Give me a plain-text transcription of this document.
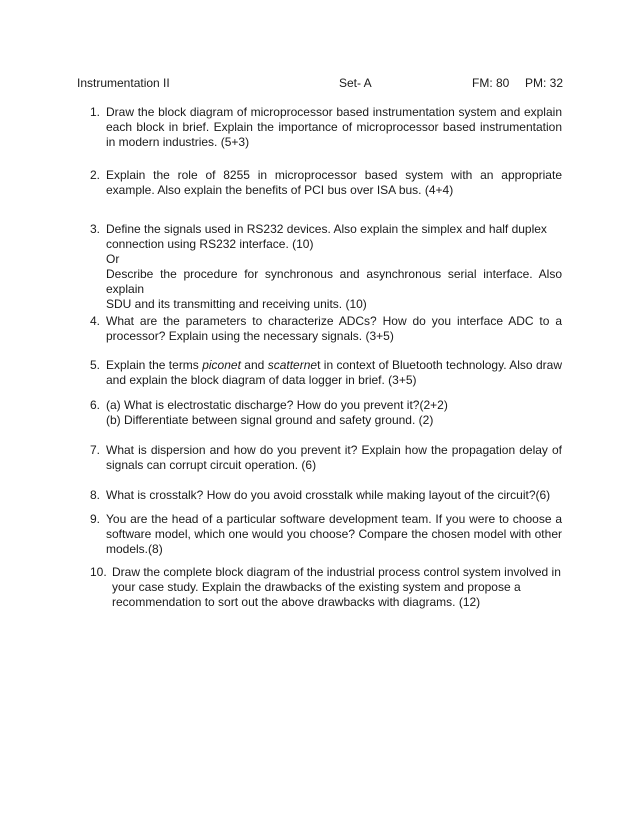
Instrumentation II	Set- A	FM: 80 PM: 32
1. Draw the block diagram of microprocessor based instrumentation system and explain

each block in brief. Explain the importance of microprocessor based instrumentation

in modern industries. (5+3)

2. Explain the role of 8255 in microprocessor based system with an appropriate

example. Also explain the benefits of PCI bus over ISA bus. (4+4)

3. Define the signals used in RS232 devices. Also explain the simplex and half duplex

connection using RS232 interface. (10)

Or

Describe the procedure for synchronous and asynchronous serial interface. Also explain

SDU and its transmitting and receiving units. (10)

4. What are the parameters to characterize ADCs? How do you interface ADC to a

processor? Explain using the necessary signals. (3+5)

5. Explain the terms piconet and scatternet in context of Bluetooth technology. Also draw

and explain the block diagram of data logger in brief. (3+5)

6. (a) What is electrostatic discharge? How do you prevent it?(2+2)

(b) Differentiate between signal ground and safety ground. (2)

7. What is dispersion and how do you prevent it? Explain how the propagation delay of

signals can corrupt circuit operation. (6)

8. What is crosstalk? How do you avoid crosstalk while making layout of the circuit?(6)

9. You are the head of a particular software development team. If you were to choose a

software model, which one would you choose? Compare the chosen model with other

models.(8)

10. Draw the complete block diagram of the industrial process control system involved in

your case study. Explain the drawbacks of the existing system and propose a

recommendation to sort out the above drawbacks with diagrams. (12)
